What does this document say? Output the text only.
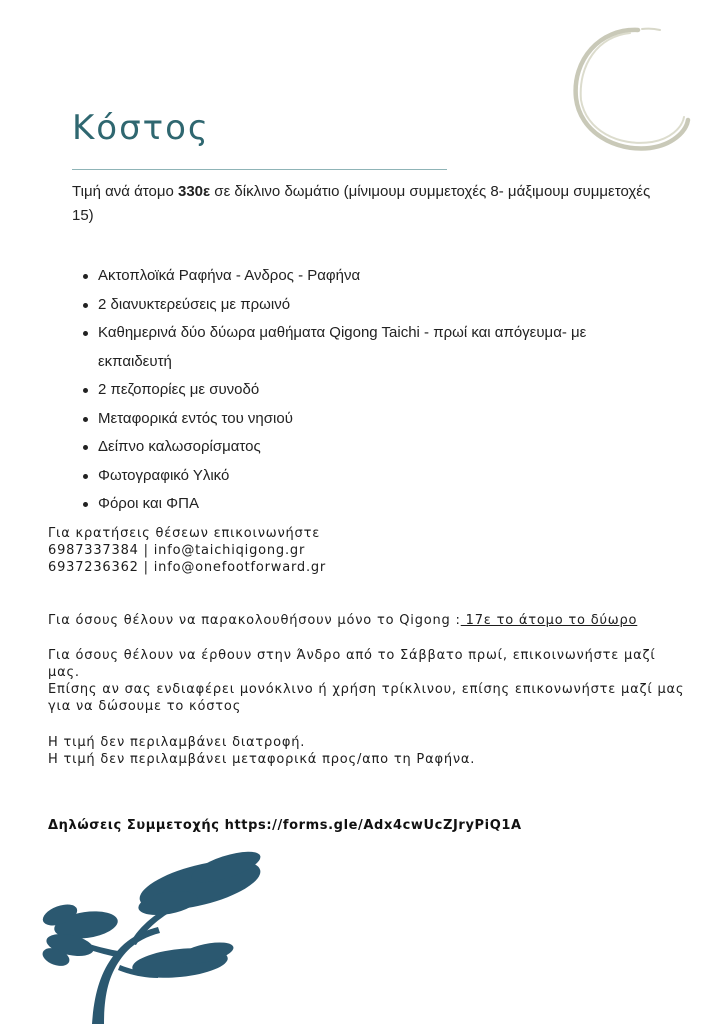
Κόστος

Τιμή ανά άτομο 330ε σε δίκλινο δωμάτιο (μίνιμουμ συμμετοχές 8- μάξιμουμ συμμετοχές 15)

Ακτοπλοϊκά Ραφήνα - Ανδρος - Ραφήνα
2 διανυκτερεύσεις με πρωινό
Καθημερινά δύο δύωρα μαθήματα Qigong Taichi - πρωί και απόγευμα- με εκπαιδευτή
2 πεζοπορίες με συνοδό
Μεταφορικά εντός του νησιού
Δείπνο καλωσορίσματος
Φωτογραφικό Υλικό
Φόροι και ΦΠΑ

Για κρατήσεις θέσεων επικοινωνήστε

6987337384 | info@taichiqigong.gr

6937236362 | info@onefootforward.gr

Για όσους θέλουν να παρακολουθήσουν μόνο το Qigong : 17ε το άτομο το δύωρο

Για όσους θέλουν να έρθουν στην Άνδρο από το Σάββατο πρωί, επικοινωνήστε μαζί μας.

Επίσης αν σας ενδιαφέρει μονόκλινο ή χρήση τρίκλινου, επίσης επικονωνήστε μαζί μας για να δώσουμε το κόστος

Η τιμή δεν περιλαμβάνει διατροφή.

Η τιμή δεν περιλαμβάνει μεταφορικά προς/απο τη Ραφήνα.

Δηλώσεις Συμμετοχής https://forms.gle/Adx4cwUcZJryPiQ1A
